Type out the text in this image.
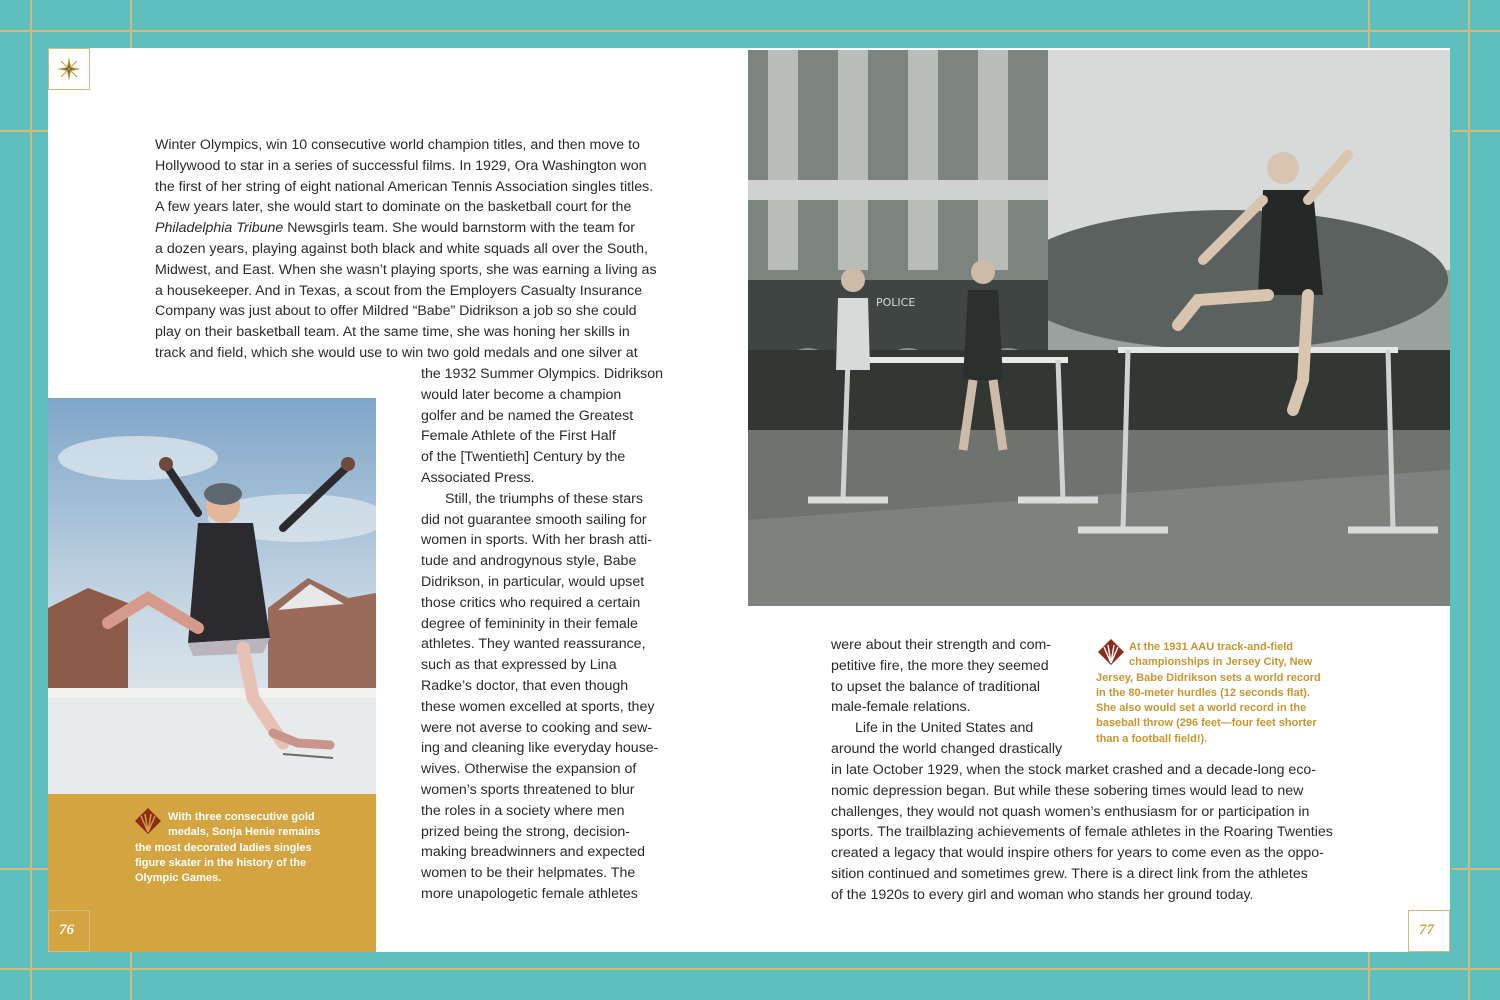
Winter Olympics, win 10 consecutive world champion titles, and then move to
Hollywood to star in a series of successful films. In 1929, Ora Washington won
the first of her string of eight national American Tennis Association singles titles.
A few years later, she would start to dominate on the basketball court for the
Philadelphia Tribune Newsgirls team. She would barnstorm with the team for
a dozen years, playing against both black and white squads all over the South,
Midwest, and East. When she wasn’t playing sports, she was earning a living as
a housekeeper. And in Texas, a scout from the Employers Casualty Insurance
Company was just about to offer Mildred “Babe” Didrikson a job so she could
play on their basketball team. At the same time, she was honing her skills in
track and field, which she would use to win two gold medals and one silver at
the 1932 Summer Olympics. Didrikson
would later become a champion
golfer and be named the Greatest
Female Athlete of the First Half
of the [Twentieth] Century by the
Associated Press.
Still, the triumphs of these stars
did not guarantee smooth sailing for
women in sports. With her brash atti-
tude and androgynous style, Babe
Didrikson, in particular, would upset
those critics who required a certain
degree of femininity in their female
athletes. They wanted reassurance,
such as that expressed by Lina
Radke’s doctor, that even though
these women excelled at sports, they
were not averse to cooking and sew-
ing and cleaning like everyday house-
wives. Otherwise the expansion of
women’s sports threatened to blur
the roles in a society where men
prized being the strong, decision-
making breadwinners and expected
women to be their helpmates. The
more unapologetic female athletes
With three consecutive gold
medals, Sonja Henie remains
the most decorated ladies singles
figure skater in the history of the
Olympic Games.
76
POLICE
were about their strength and com-
petitive fire, the more they seemed
to upset the balance of traditional
male-female relations.
Life in the United States and
around the world changed drastically
in late October 1929, when the stock market crashed and a decade-long eco-
nomic depression began. But while these sobering times would lead to new
challenges, they would not quash women’s enthusiasm for or participation in
sports. The trailblazing achievements of female athletes in the Roaring Twenties
created a legacy that would inspire others for years to come even as the oppo-
sition continued and sometimes grew. There is a direct link from the athletes
of the 1920s to every girl and woman who stands her ground today.
At the 1931 AAU track-and-field
championships in Jersey City, New
Jersey, Babe Didrikson sets a world record
in the 80-meter hurdles (12 seconds flat).
She also would set a world record in the
baseball throw (296 feet—four feet shorter
than a football field!).
77
